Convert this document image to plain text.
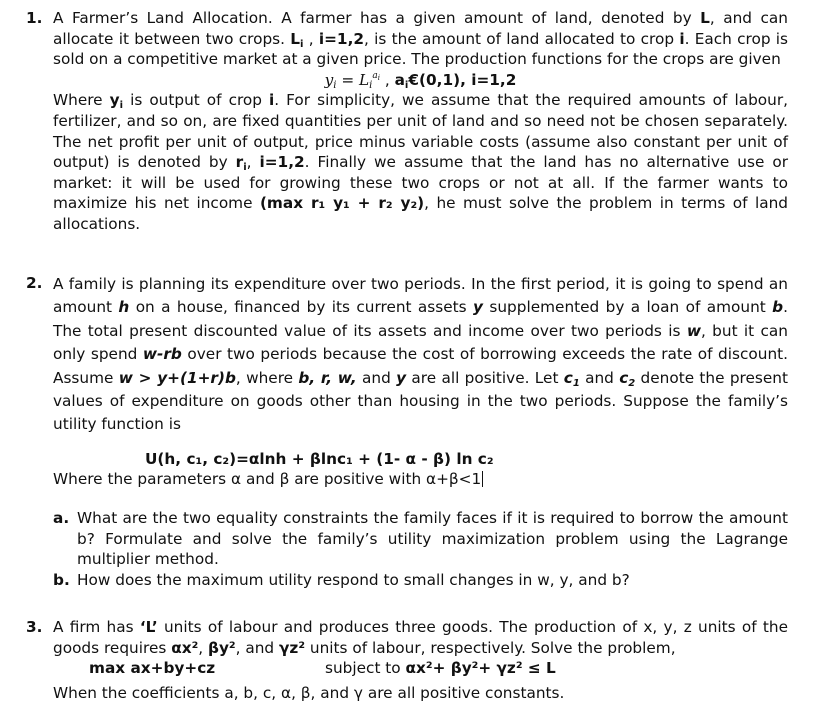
1. A Farmer’s Land Allocation. A farmer has a given amount of land, denoted by L, and can allocate it between two crops. $L_i$ , i=1,2, is the amount of land allocated to crop i. Each crop is sold on a competitive market at a given price. The production functions for the crops are given

$y_i = L_i^{a_i}$ , $a_i€(0,1)$, i=1,2

Where $y_i$ is output of crop i. For simplicity, we assume that the required amounts of labour, fertilizer, and so on, are fixed quantities per unit of land and so need not be chosen separately. The net profit per unit of output, price minus variable costs (assume also constant per unit of output) is denoted by $r_i$, i=1,2. Finally we assume that the land has no alternative use or market: it will be used for growing these two crops or not at all. If the farmer wants to maximize his net income (max r₁ y₁ + r₂ y₂), he must solve the problem in terms of land allocations.

2. A family is planning its expenditure over two periods. In the first period, it is going to spend an amount h on a house, financed by its current assets y supplemented by a loan of amount b. The total present discounted value of its assets and income over two periods is w, but it can only spend w-rb over two periods because the cost of borrowing exceeds the rate of discount. Assume w > y+(1+r)b, where b, r, w, and y are all positive. Let $c_1$ and $c_2$ denote the present values of expenditure on goods other than housing in the two periods. Suppose the family’s utility function is

U(h, c₁, c₂)=αlnh + βlnc₁ + (1- α - β) ln c₂

Where the parameters α and β are positive with α+β<1

a. What are the two equality constraints the family faces if it is required to borrow the amount b? Formulate and solve the family’s utility maximization problem using the Lagrange multiplier method.

b. How does the maximum utility respond to small changes in w, y, and b?

3. A firm has ‘L’ units of labour and produces three goods. The production of x, y, z units of the goods requires αx², βy², and γz² units of labour, respectively. Solve the problem,

max ax+by+cz	subject to αx²+ βy²+ γz² ≤ L

When the coefficients a, b, c, α, β, and γ are all positive constants.
